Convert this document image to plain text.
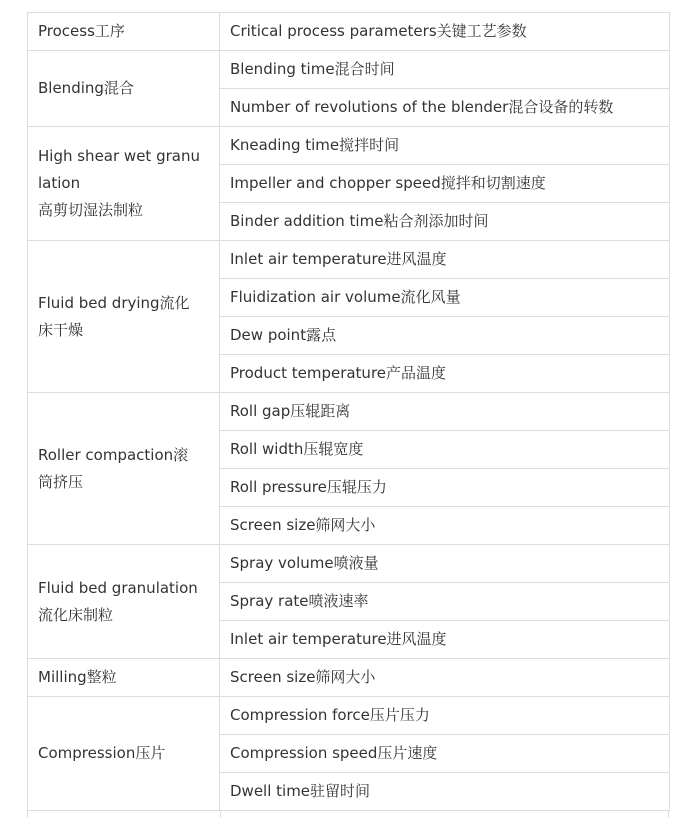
Process工序	Critical process parameters关键工艺参数
Blending混合	Blending time混合时间
	Number of revolutions of the blender混合设备的转数
High shear wet granu
lation
高剪切湿法制粒	Kneading time搅拌时间
	Impeller and chopper speed搅拌和切割速度
	Binder addition time粘合剂添加时间
Fluid bed drying流化
床干燥	Inlet air temperature进风温度
	Fluidization air volume流化风量
	Dew point露点
	Product temperature产品温度
Roller compaction滚
筒挤压	Roll gap压辊距离
	Roll width压辊宽度
	Roll pressure压辊压力
	Screen size筛网大小
Fluid bed granulation
流化床制粒	Spray volume喷液量
	Spray rate喷液速率
	Inlet air temperature进风温度
Milling整粒	Screen size筛网大小
Compression压片	Compression force压片压力
	Compression speed压片速度
	Dwell time驻留时间
